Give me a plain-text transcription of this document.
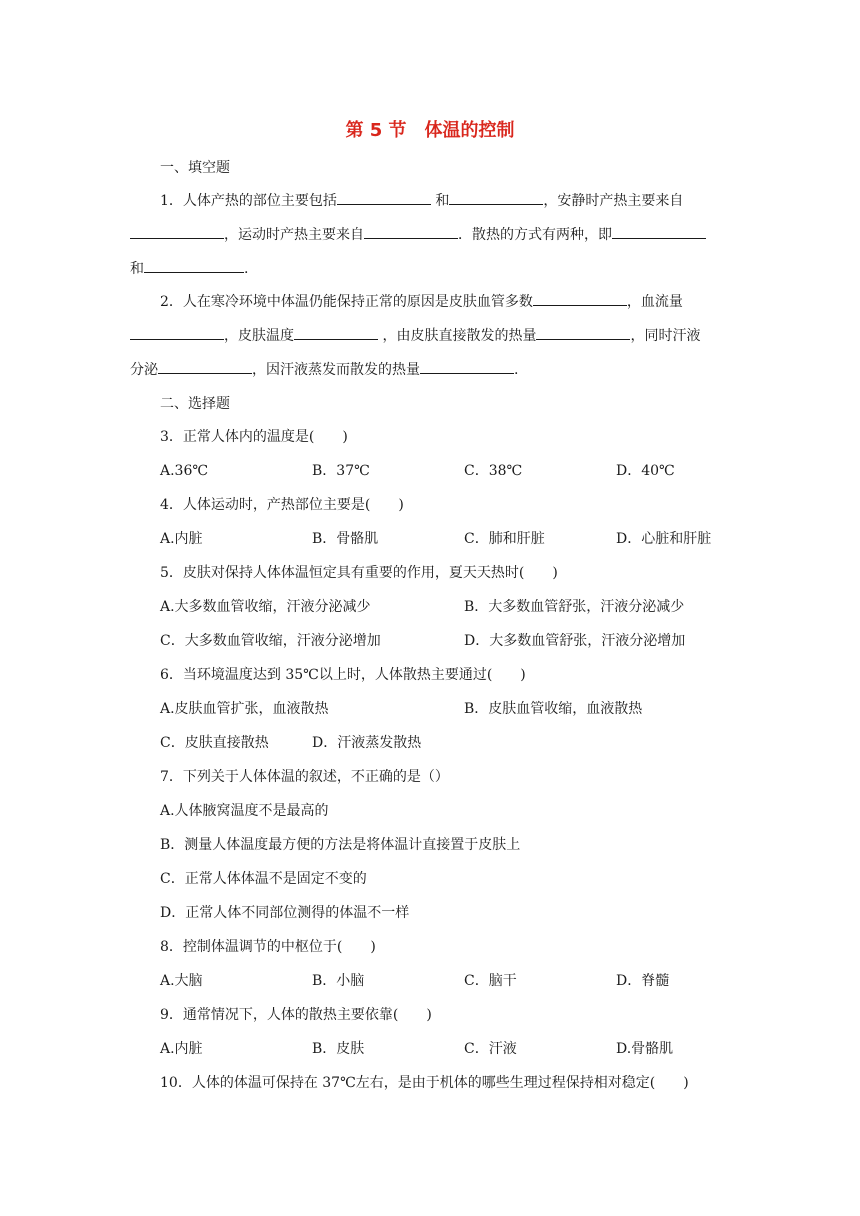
第 5 节　体温的控制
一、填空题
1．人体产热的部位主要包括	和	，安静时产热主要来自
，运动时产热主要来自	．散热的方式有两种，即
和	.
2．人在寒冷环境中体温仍能保持正常的原因是皮肤血管多数	，血流量
，皮肤温度	，由皮肤直接散发的热量	，同时汗液
分泌	，因汗液蒸发而散发的热量	.
二、选择题
3．正常人体内的温度是(　　)
A.36℃	B．37℃	C．38℃	D．40℃
4．人体运动时，产热部位主要是(　　)
A.内脏	B．骨骼肌	C．肺和肝脏	D．心脏和肝脏
5．皮肤对保持人体体温恒定具有重要的作用，夏天天热时(　　)
A.大多数血管收缩，汗液分泌减少	B．大多数血管舒张，汗液分泌减少
C．大多数血管收缩，汗液分泌增加	D．大多数血管舒张，汗液分泌增加
6．当环境温度达到 35℃以上时，人体散热主要通过(　　)
A.皮肤血管扩张，血液散热	B．皮肤血管收缩，血液散热
C．皮肤直接散热	D．汗液蒸发散热
7．下列关于人体体温的叙述，不正确的是（）
A.人体腋窝温度不是最高的
B．测量人体温度最方便的方法是将体温计直接置于皮肤上
C．正常人体体温不是固定不变的
D．正常人体不同部位测得的体温不一样
8．控制体温调节的中枢位于(　　)
A.大脑	B．小脑	C．脑干	D．脊髓
9．通常情况下，人体的散热主要依靠(　　)
A.内脏	B．皮肤	C．汗液	D.骨骼肌
10．人体的体温可保持在 37℃左右，是由于机体的哪些生理过程保持相对稳定(　　)
